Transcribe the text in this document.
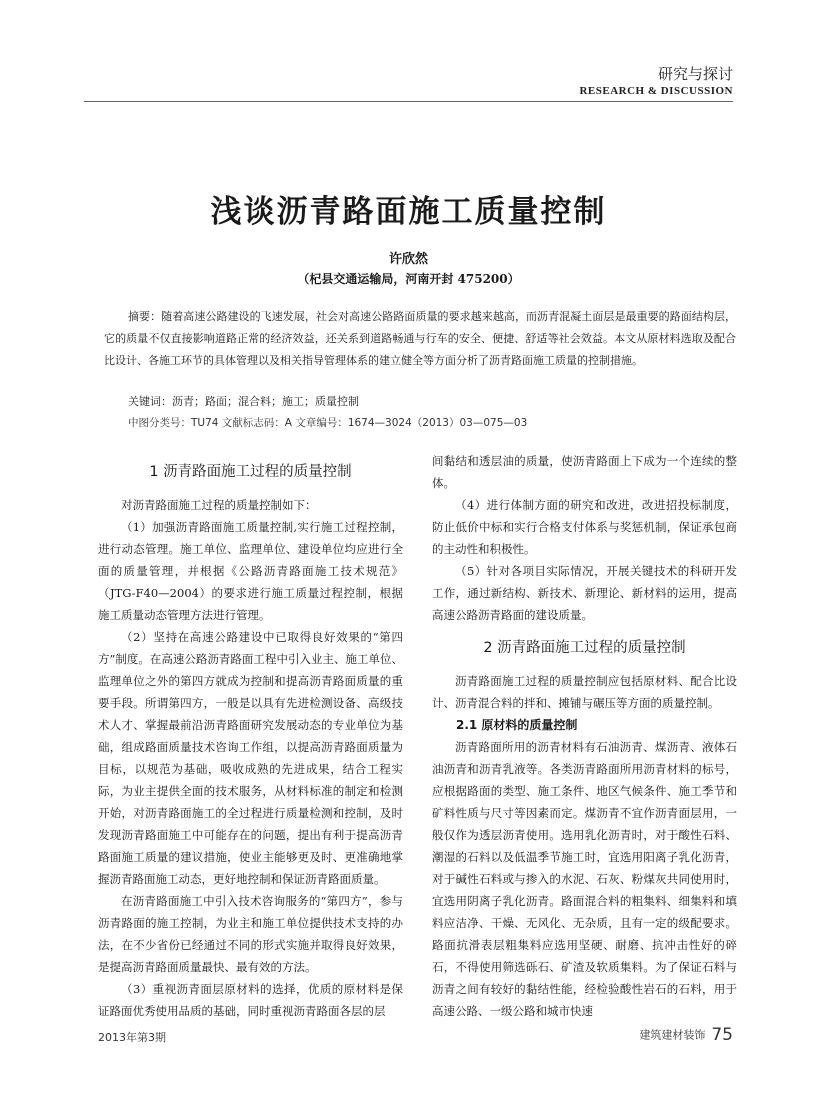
研究与探讨
RESEARCH & DISCUSSION
浅谈沥青路面施工质量控制
许欣然
（杞县交通运输局，河南开封 475200）
摘要：随着高速公路建设的飞速发展，社会对高速公路路面质量的要求越来越高，而沥青混凝土面层是最重要的路面结构层，它的质量不仅直接影响道路正常的经济效益，还关系到道路畅通与行车的安全、便捷、舒适等社会效益。本文从原材料选取及配合比设计、各施工环节的具体管理以及相关指导管理体系的建立健全等方面分析了沥青路面施工质量的控制措施。
关键词：沥青；路面；混合料；施工；质量控制
中图分类号：TU74 文献标志码：A 文章编号：1674—3024（2013）03—075—03
1 沥青路面施工过程的质量控制

对沥青路面施工过程的质量控制如下：

（1）加强沥青路面施工质量控制,实行施工过程控制，进行动态管理。施工单位、监理单位、建设单位均应进行全面的质量管理，并根据《公路沥青路面施工技术规范》（JTG-F40—2004）的要求进行施工质量过程控制，根据施工质量动态管理方法进行管理。

（2）坚持在高速公路建设中已取得良好效果的“第四方”制度。在高速公路沥青路面工程中引入业主、施工单位、监理单位之外的第四方就成为控制和提高沥青路面质量的重要手段。所谓第四方，一般是以具有先进检测设备、高级技术人才、掌握最前沿沥青路面研究发展动态的专业单位为基础，组成路面质量技术咨询工作组，以提高沥青路面质量为目标，以规范为基础，吸收成熟的先进成果，结合工程实际，为业主提供全面的技术服务，从材料标准的制定和检测开始，对沥青路面施工的全过程进行质量检测和控制，及时发现沥青路面施工中可能存在的问题，提出有利于提高沥青路面施工质量的建议措施，使业主能够更及时、更准确地掌握沥青路面施工动态，更好地控制和保证沥青路面质量。

在沥青路面施工中引入技术咨询服务的“第四方”，参与沥青路面的施工控制，为业主和施工单位提供技术支持的办法，在不少省份已经通过不同的形式实施并取得良好效果，是提高沥青路面质量最快、最有效的方法。

（3）重视沥青面层原材料的选择，优质的原材料是保证路面优秀使用品质的基础，同时重视沥青路面各层的层

间黏结和透层油的质量，使沥青路面上下成为一个连续的整体。

（4）进行体制方面的研究和改进，改进招投标制度，防止低价中标和实行合格支付体系与奖惩机制，保证承包商的主动性和积极性。

（5）针对各项目实际情况，开展关键技术的科研开发工作，通过新结构、新技术、新理论、新材料的运用，提高高速公路沥青路面的建设质量。

2 沥青路面施工过程的质量控制

沥青路面施工过程的质量控制应包括原材料、配合比设计、沥青混合料的拌和、摊铺与碾压等方面的质量控制。

2.1 原材料的质量控制

沥青路面所用的沥青材料有石油沥青、煤沥青、液体石油沥青和沥青乳液等。各类沥青路面所用沥青材料的标号，应根据路面的类型、施工条件、地区气候条件、施工季节和矿料性质与尺寸等因素而定。煤沥青不宜作沥青面层用，一般仅作为透层沥青使用。选用乳化沥青时，对于酸性石料、潮湿的石料以及低温季节施工时，宜选用阳离子乳化沥青，对于碱性石料或与掺入的水泥、石灰、粉煤灰共同使用时，宜选用阴离子乳化沥青。路面混合料的粗集料、细集料和填料应洁净、干燥、无风化、无杂质，且有一定的级配要求。路面抗滑表层粗集料应选用坚硬、耐磨、抗冲击性好的碎石，不得使用筛选砾石、矿渣及软质集料。为了保证石料与沥青之间有较好的黏结性能，经检验酸性岩石的石料，用于高速公路、一级公路和城市快速

2013年第3期	建筑建材装饰 75
